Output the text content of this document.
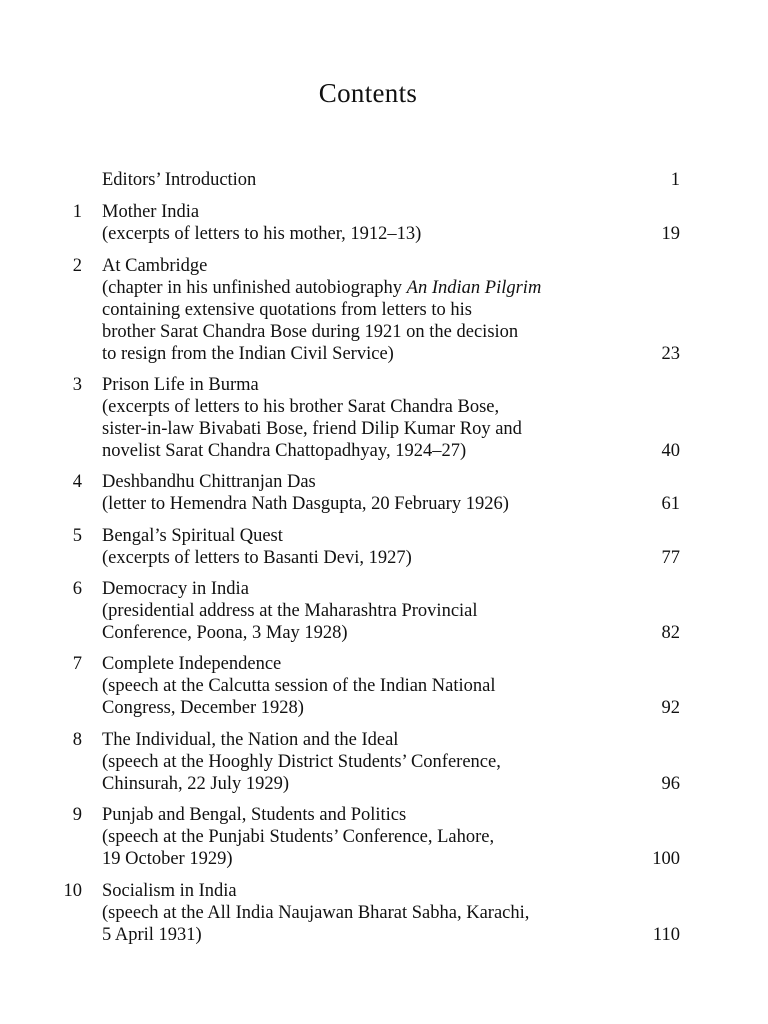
Contents
Editors’ Introduction	1
1 Mother India
(excerpts of letters to his mother, 1912–13)	19
2 At Cambridge
(chapter in his unfinished autobiography An Indian Pilgrim
containing extensive quotations from letters to his
brother Sarat Chandra Bose during 1921 on the decision
to resign from the Indian Civil Service)	23
3 Prison Life in Burma
(excerpts of letters to his brother Sarat Chandra Bose,
sister-in-law Bivabati Bose, friend Dilip Kumar Roy and
novelist Sarat Chandra Chattopadhyay, 1924–27)	40
4 Deshbandhu Chittranjan Das
(letter to Hemendra Nath Dasgupta, 20 February 1926)	61
5 Bengal’s Spiritual Quest
(excerpts of letters to Basanti Devi, 1927)	77
6 Democracy in India
(presidential address at the Maharashtra Provincial
Conference, Poona, 3 May 1928)	82
7 Complete Independence
(speech at the Calcutta session of the Indian National
Congress, December 1928)	92
8 The Individual, the Nation and the Ideal
(speech at the Hooghly District Students’ Conference,
Chinsurah, 22 July 1929)	96
9 Punjab and Bengal, Students and Politics
(speech at the Punjabi Students’ Conference, Lahore,
19 October 1929)	100
10 Socialism in India
(speech at the All India Naujawan Bharat Sabha, Karachi,
5 April 1931)	110
